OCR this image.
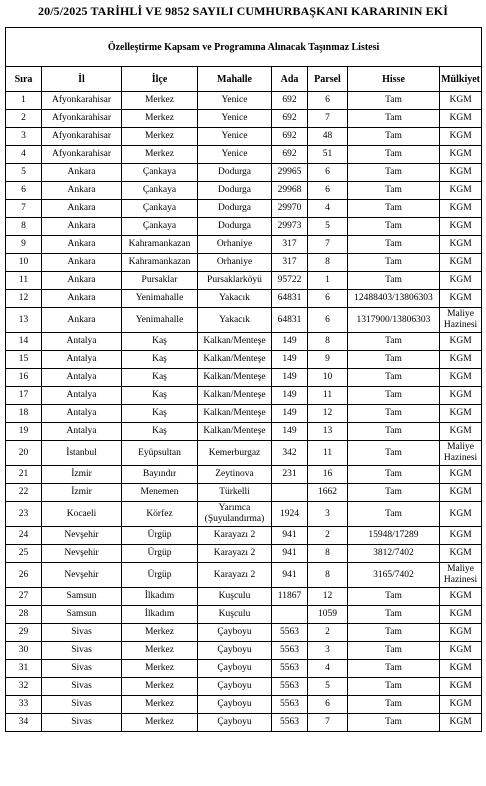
20/5/2025 TARİHLİ VE 9852 SAYILI CUMHURBAŞKANI KARARININ EKİ
Özelleştirme Kapsam ve Programına Alınacak Taşınmaz Listesi							
Sıra	İl	İlçe	Mahalle	Ada	Parsel	Hisse	Mülkiyet
1	Afyonkarahisar	Merkez	Yenice	692	6	Tam	KGM
2	Afyonkarahisar	Merkez	Yenice	692	7	Tam	KGM
3	Afyonkarahisar	Merkez	Yenice	692	48	Tam	KGM
4	Afyonkarahisar	Merkez	Yenice	692	51	Tam	KGM
5	Ankara	Çankaya	Dodurga	29965	6	Tam	KGM
6	Ankara	Çankaya	Dodurga	29968	6	Tam	KGM
7	Ankara	Çankaya	Dodurga	29970	4	Tam	KGM
8	Ankara	Çankaya	Dodurga	29973	5	Tam	KGM
9	Ankara	Kahramankazan	Orhaniye	317	7	Tam	KGM
10	Ankara	Kahramankazan	Orhaniye	317	8	Tam	KGM
11	Ankara	Pursaklar	Pursaklarköyü	95722	1	Tam	KGM
12	Ankara	Yenimahalle	Yakacık	64831	6	12488403/13806303	KGM
13	Ankara	Yenimahalle	Yakacık	64831	6	1317900/13806303	Maliye Hazinesi
14	Antalya	Kaş	Kalkan/Menteşe	149	8	Tam	KGM
15	Antalya	Kaş	Kalkan/Menteşe	149	9	Tam	KGM
16	Antalya	Kaş	Kalkan/Menteşe	149	10	Tam	KGM
17	Antalya	Kaş	Kalkan/Menteşe	149	11	Tam	KGM
18	Antalya	Kaş	Kalkan/Menteşe	149	12	Tam	KGM
19	Antalya	Kaş	Kalkan/Menteşe	149	13	Tam	KGM
20	İstanbul	Eyüpsultan	Kemerburgaz	342	11	Tam	Maliye Hazinesi
21	İzmir	Bayındır	Zeytinova	231	16	Tam	KGM
22	İzmir	Menemen	Türkelli		1662	Tam	KGM
23	Kocaeli	Körfez	Yarımca (Şuyulandırma)	1924	3	Tam	KGM
24	Nevşehir	Ürgüp	Karayazı 2	941	2	15948/17289	KGM
25	Nevşehir	Ürgüp	Karayazı 2	941	8	3812/7402	KGM
26	Nevşehir	Ürgüp	Karayazı 2	941	8	3165/7402	Maliye Hazinesi
27	Samsun	İlkadım	Kuşculu	11867	12	Tam	KGM
28	Samsun	İlkadım	Kuşculu		1059	Tam	KGM
29	Sivas	Merkez	Çayboyu	5563	2	Tam	KGM
30	Sivas	Merkez	Çayboyu	5563	3	Tam	KGM
31	Sivas	Merkez	Çayboyu	5563	4	Tam	KGM
32	Sivas	Merkez	Çayboyu	5563	5	Tam	KGM
33	Sivas	Merkez	Çayboyu	5563	6	Tam	KGM
34	Sivas	Merkez	Çayboyu	5563	7	Tam	KGM
